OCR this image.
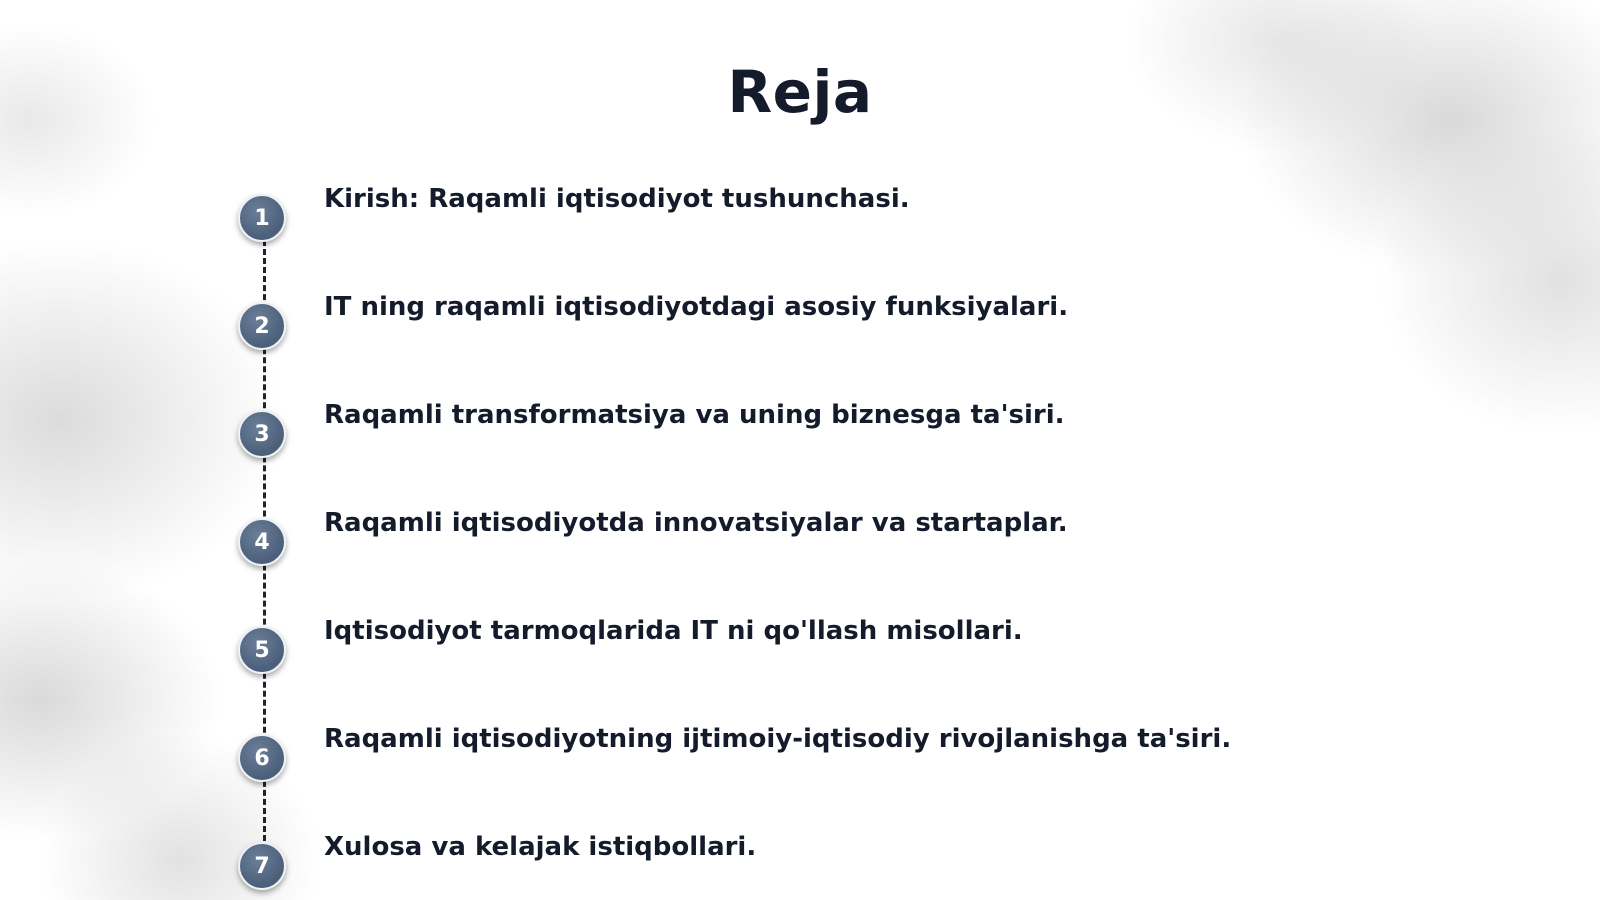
Reja
1
Kirish: Raqamli iqtisodiyot tushunchasi.
2
IT ning raqamli iqtisodiyotdagi asosiy funksiyalari.
3
Raqamli transformatsiya va uning biznesga ta'siri.
4
Raqamli iqtisodiyotda innovatsiyalar va startaplar.
5
Iqtisodiyot tarmoqlarida IT ni qo'llash misollari.
6
Raqamli iqtisodiyotning ijtimoiy-iqtisodiy rivojlanishga ta'siri.
7
Xulosa va kelajak istiqbollari.
